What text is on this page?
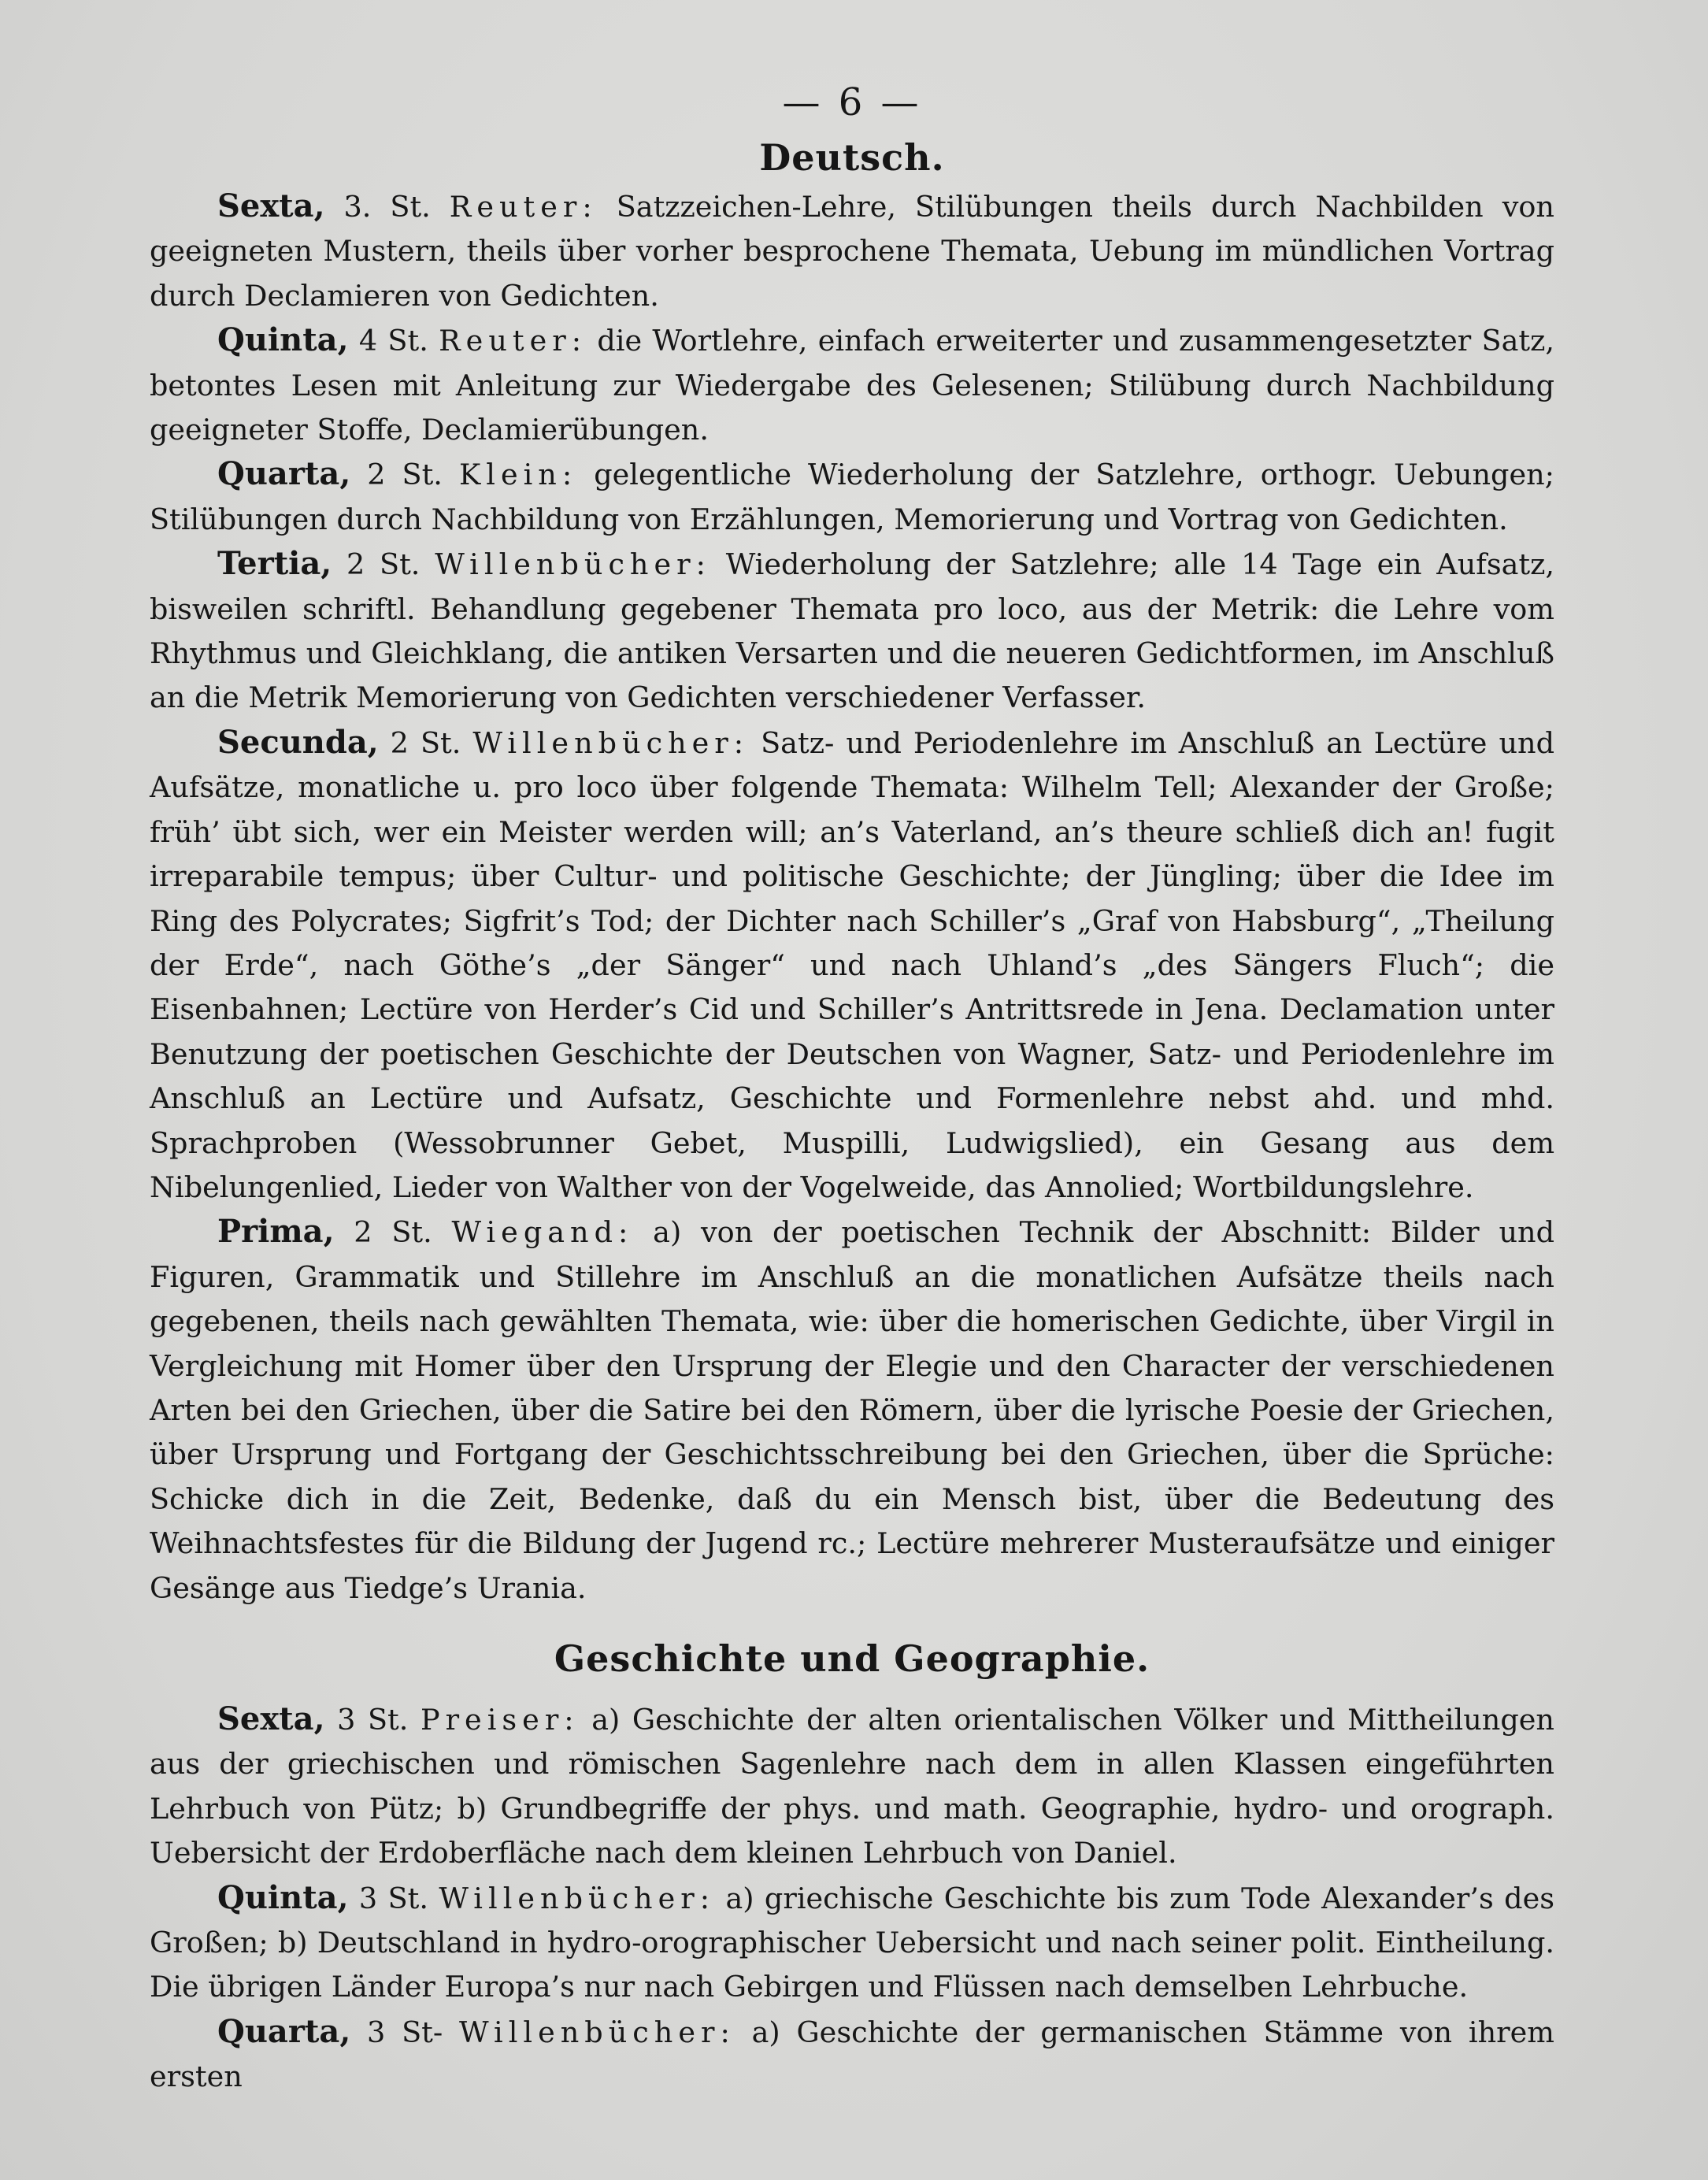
— 6 —
Deutsch.

Sexta, 3. St. Reuter: Satzzeichen-Lehre, Stilübungen theils durch Nachbilden von geeigneten Mustern, theils über vorher besprochene Themata, Uebung im mündlichen Vortrag durch Declamieren von Gedichten.

Quinta, 4 St. Reuter: die Wortlehre, einfach erweiterter und zusammengesetzter Satz, betontes Lesen mit Anleitung zur Wiedergabe des Gelesenen; Stilübung durch Nachbildung geeigneter Stoffe, Declamierübungen.

Quarta, 2 St. Klein: gelegentliche Wiederholung der Satzlehre, orthogr. Uebungen; Stilübungen durch Nachbildung von Erzählungen, Memorierung und Vortrag von Gedichten.

Tertia, 2 St. Willenbücher: Wiederholung der Satzlehre; alle 14 Tage ein Aufsatz, bisweilen schriftl. Behandlung gegebener Themata pro loco, aus der Metrik: die Lehre vom Rhythmus und Gleichklang, die antiken Versarten und die neueren Gedichtformen, im Anschluß an die Metrik Memorierung von Gedichten verschiedener Verfasser.

Secunda, 2 St. Willenbücher: Satz- und Periodenlehre im Anschluß an Lectüre und Aufsätze, monatliche u. pro loco über folgende Themata: Wilhelm Tell; Alexander der Große; früh’ übt sich, wer ein Meister werden will; an’s Vaterland, an’s theure schließ dich an! fugit irreparabile tempus; über Cultur- und politische Geschichte; der Jüngling; über die Idee im Ring des Polycrates; Sigfrit’s Tod; der Dichter nach Schiller’s „Graf von Habsburg“, „Theilung der Erde“, nach Göthe’s „der Sänger“ und nach Uhland’s „des Sängers Fluch“; die Eisenbahnen; Lectüre von Herder’s Cid und Schiller’s Antrittsrede in Jena. Declamation unter Benutzung der poetischen Geschichte der Deutschen von Wagner, Satz- und Periodenlehre im Anschluß an Lectüre und Aufsatz, Geschichte und Formenlehre nebst ahd. und mhd. Sprachproben (Wessobrunner Gebet, Muspilli, Ludwigslied), ein Gesang aus dem Nibelungenlied, Lieder von Walther von der Vogelweide, das Annolied; Wortbildungslehre.

Prima, 2 St. Wiegand: a) von der poetischen Technik der Abschnitt: Bilder und Figuren, Grammatik und Stillehre im Anschluß an die monatlichen Aufsätze theils nach gegebenen, theils nach gewählten Themata, wie: über die homerischen Gedichte, über Virgil in Vergleichung mit Homer über den Ursprung der Elegie und den Character der verschiedenen Arten bei den Griechen, über die Satire bei den Römern, über die lyrische Poesie der Griechen, über Ursprung und Fortgang der Geschichtsschreibung bei den Griechen, über die Sprüche: Schicke dich in die Zeit, Bedenke, daß du ein Mensch bist, über die Bedeutung des Weihnachtsfestes für die Bildung der Jugend rc.; Lectüre mehrerer Musteraufsätze und einiger Gesänge aus Tiedge’s Urania.

Geschichte und Geographie.

Sexta, 3 St. Preiser: a) Geschichte der alten orientalischen Völker und Mittheilungen aus der griechischen und römischen Sagenlehre nach dem in allen Klassen eingeführten Lehrbuch von Pütz; b) Grundbegriffe der phys. und math. Geographie, hydro- und orograph. Uebersicht der Erdoberfläche nach dem kleinen Lehrbuch von Daniel.

Quinta, 3 St. Willenbücher: a) griechische Geschichte bis zum Tode Alexander’s des Großen; b) Deutschland in hydro-orographischer Uebersicht und nach seiner polit. Eintheilung. Die übrigen Länder Europa’s nur nach Gebirgen und Flüssen nach demselben Lehrbuche.

Quarta, 3 St- Willenbücher: a) Geschichte der germanischen Stämme von ihrem ersten
